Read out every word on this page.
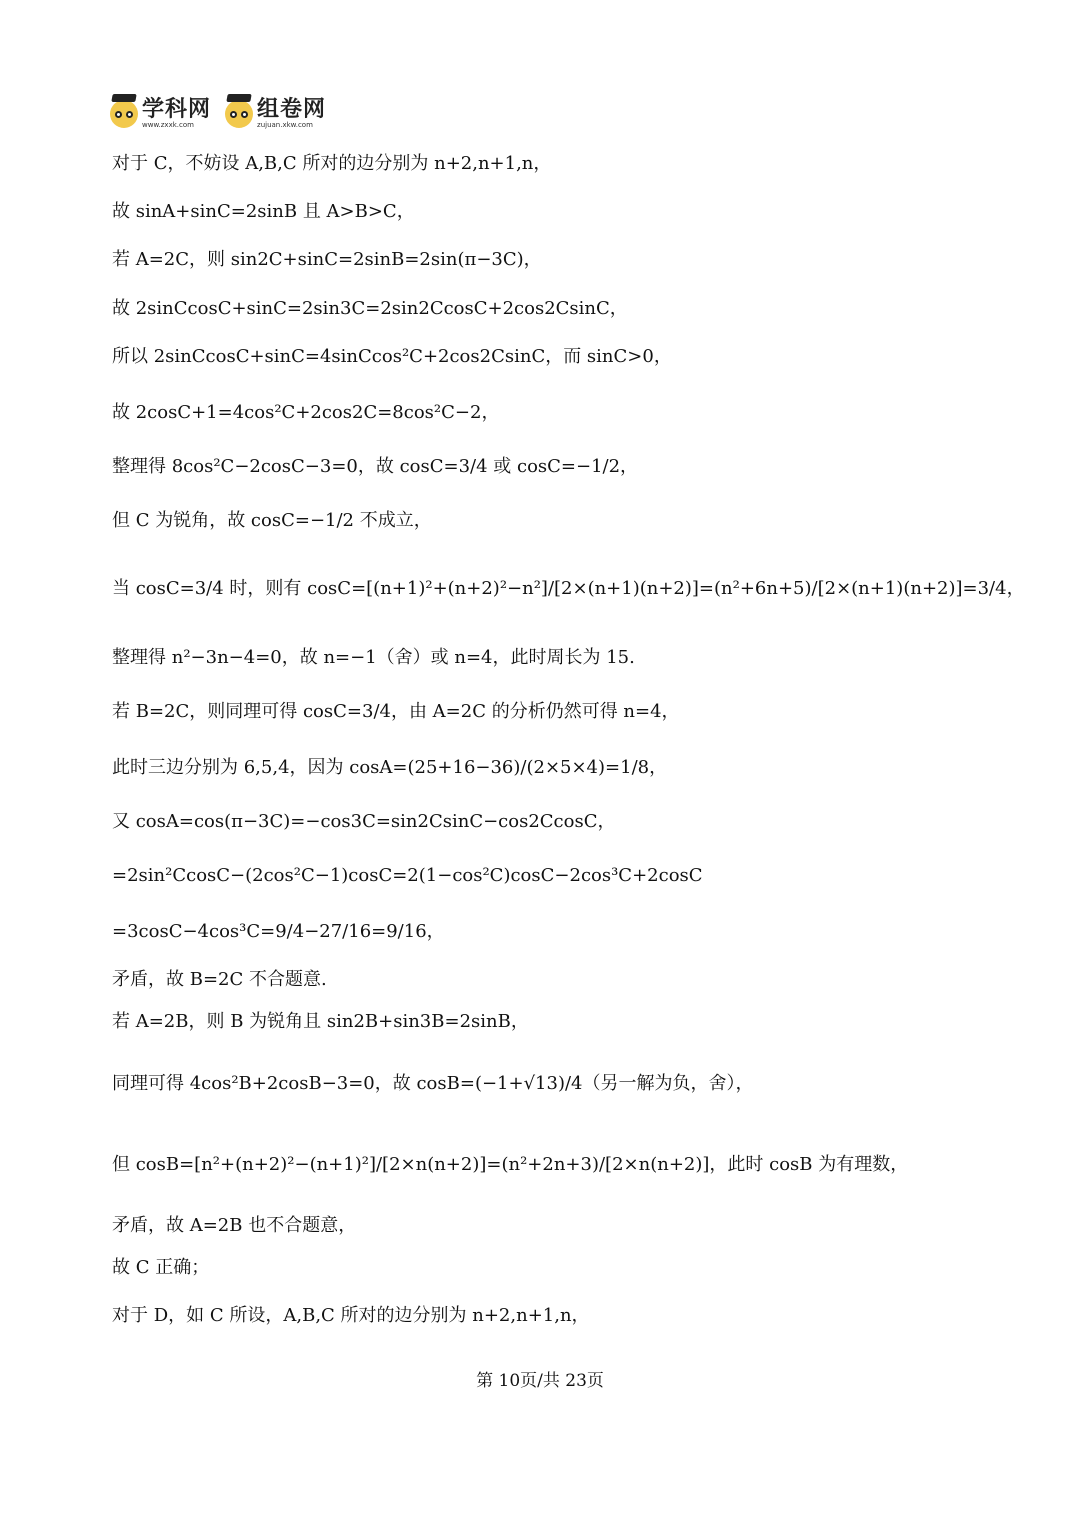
学科网
www.zxxk.com
组卷网
zujuan.xkw.com
对于 C，不妨设 A,B,C 所对的边分别为 n+2,n+1,n，
故 sinA+sinC=2sinB 且 A>B>C，
若 A=2C，则 sin2C+sinC=2sinB=2sin(π−3C)，
故 2sinCcosC+sinC=2sin3C=2sin2CcosC+2cos2CsinC，
所以 2sinCcosC+sinC=4sinCcos²C+2cos2CsinC，而 sinC>0，
故 2cosC+1=4cos²C+2cos2C=8cos²C−2，
整理得 8cos²C−2cosC−3=0，故 cosC=3/4 或 cosC=−1/2，
但 C 为锐角，故 cosC=−1/2 不成立，
当 cosC=3/4 时，则有 cosC=[(n+1)²+(n+2)²−n²]/[2×(n+1)(n+2)]=(n²+6n+5)/[2×(n+1)(n+2)]=3/4，
整理得 n²−3n−4=0，故 n=−1（舍）或 n=4，此时周长为 15.
若 B=2C，则同理可得 cosC=3/4，由 A=2C 的分析仍然可得 n=4，
此时三边分别为 6,5,4，因为 cosA=(25+16−36)/(2×5×4)=1/8，
又 cosA=cos(π−3C)=−cos3C=sin2CsinC−cos2CcosC，
=2sin²CcosC−(2cos²C−1)cosC=2(1−cos²C)cosC−2cos³C+2cosC
=3cosC−4cos³C=9/4−27/16=9/16，
矛盾，故 B=2C 不合题意.
若 A=2B，则 B 为锐角且 sin2B+sin3B=2sinB，
同理可得 4cos²B+2cosB−3=0，故 cosB=(−1+√13)/4（另一解为负，舍），
但 cosB=[n²+(n+2)²−(n+1)²]/[2×n(n+2)]=(n²+2n+3)/[2×n(n+2)]，此时 cosB 为有理数，
矛盾，故 A=2B 也不合题意，
故 C 正确；
对于 D，如 C 所设，A,B,C 所对的边分别为 n+2,n+1,n，
第 10页/共 23页
